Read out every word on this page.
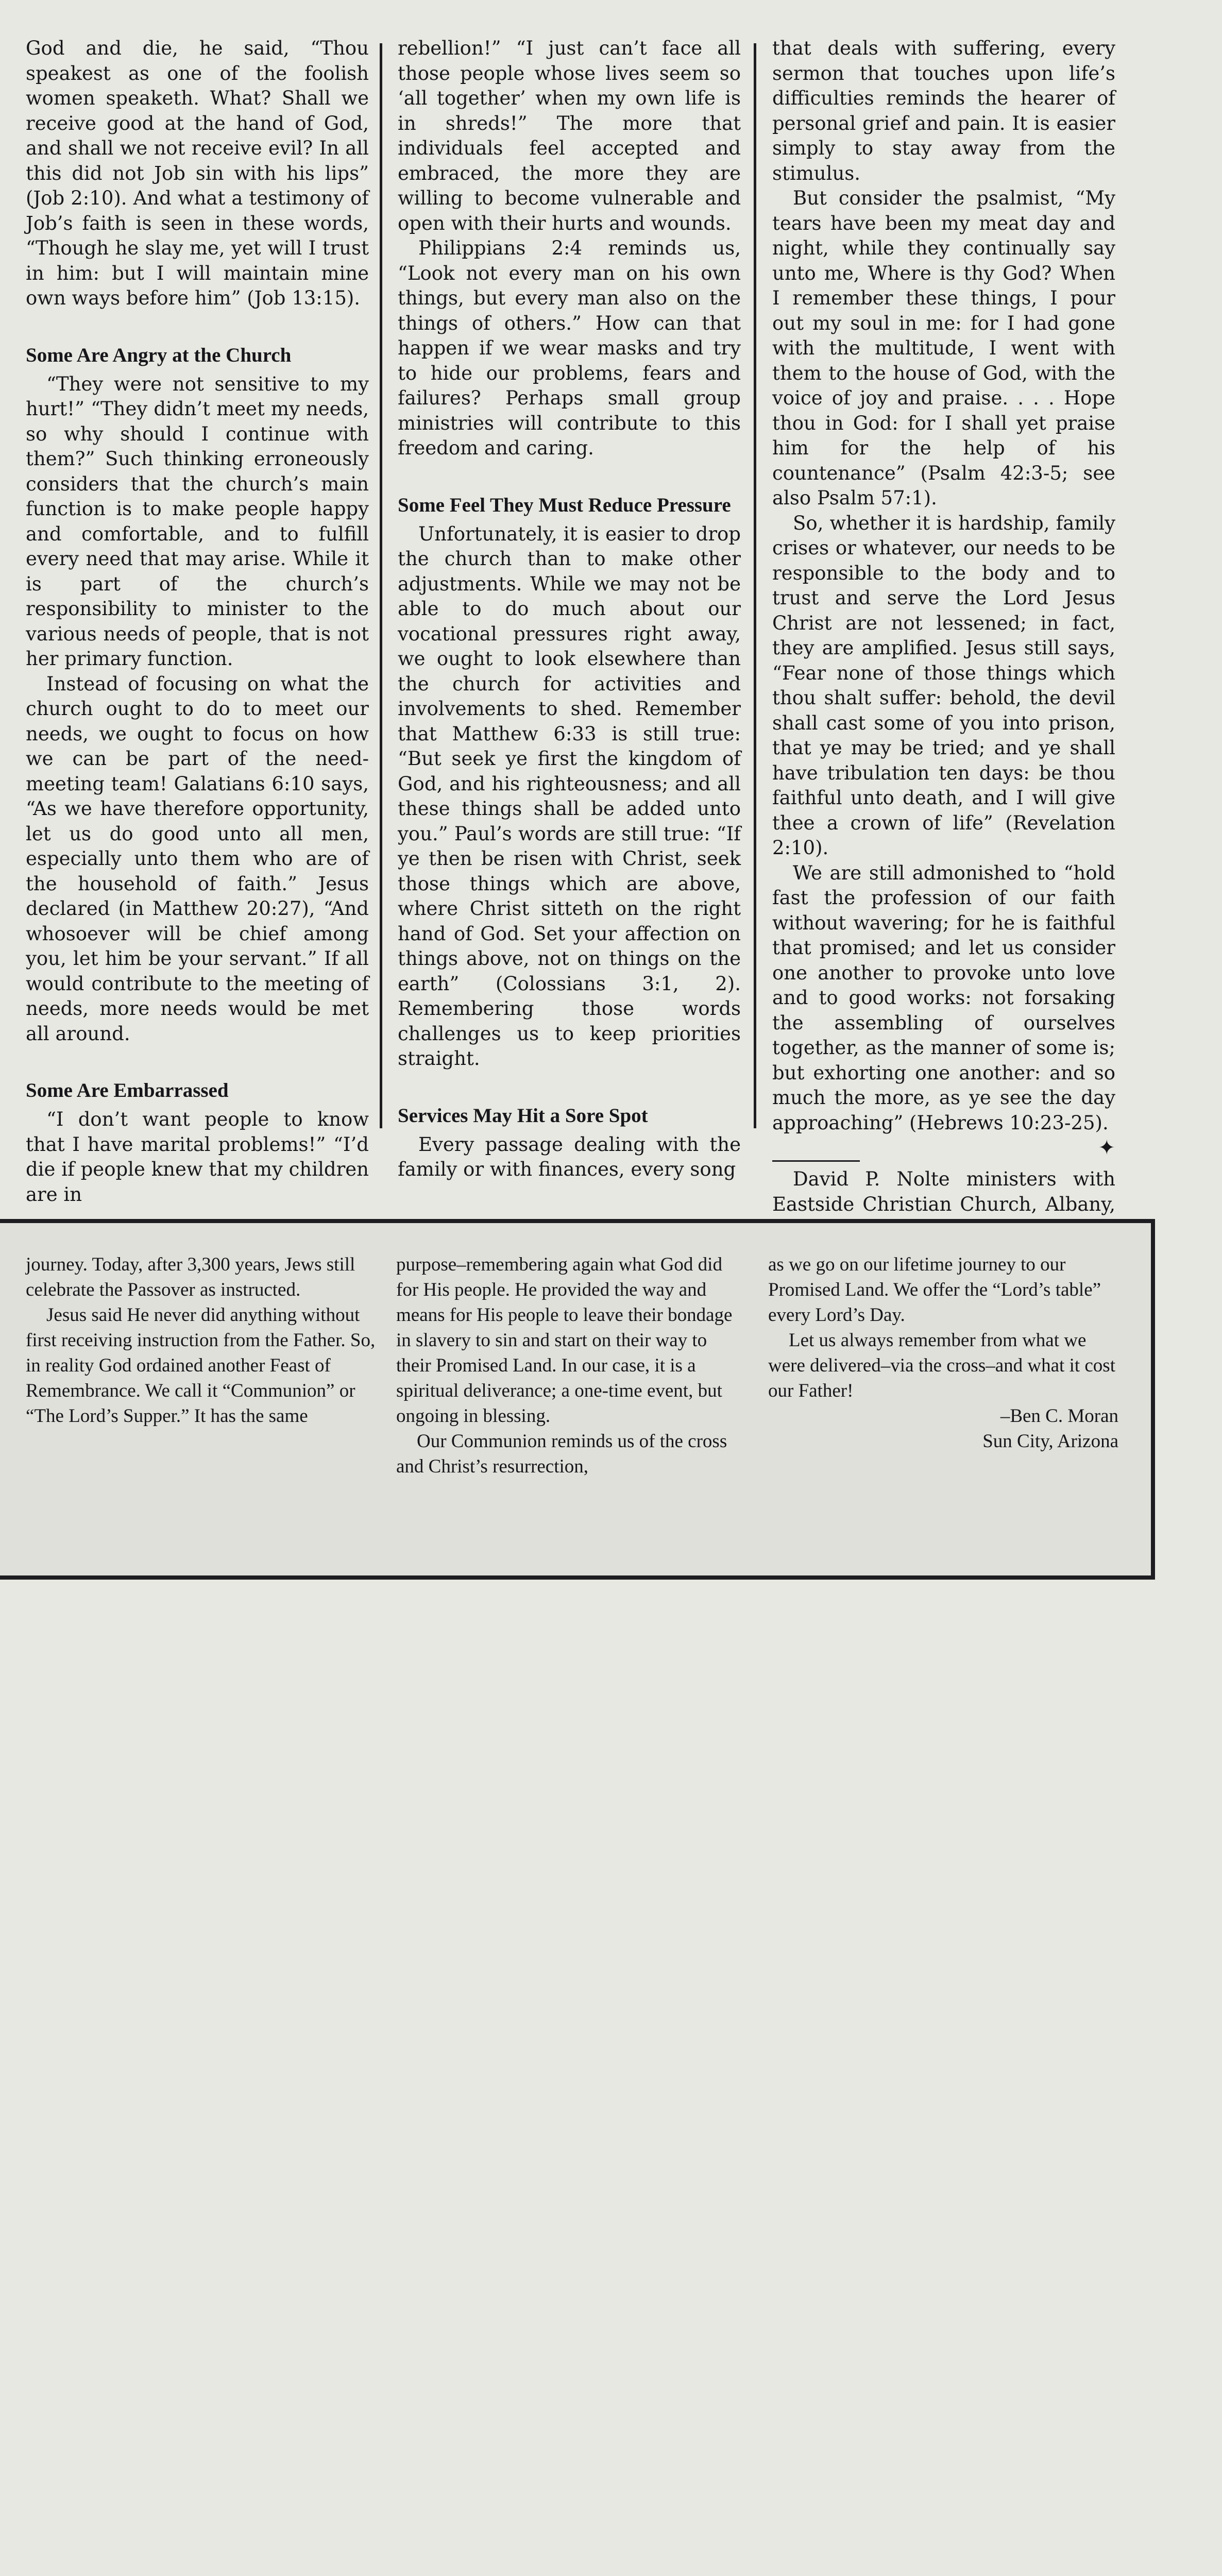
God and die, he said, “Thou speakest as one of the foolish women speaketh. What? Shall we receive good at the hand of God, and shall we not receive evil? In all this did not Job sin with his lips” (Job 2:10). And what a testimony of Job’s faith is seen in these words, “Though he slay me, yet will I trust in him: but I will maintain mine own ways before him” (Job 13:15).

Some Are Angry at the Church

“They were not sensitive to my hurt!” “They didn’t meet my needs, so why should I continue with them?” Such thinking erroneously considers that the church’s main function is to make people happy and comfortable, and to fulfill every need that may arise. While it is part of the church’s responsibility to minister to the various needs of people, that is not her primary function.

Instead of focusing on what the church ought to do to meet our needs, we ought to focus on how we can be part of the need-meeting team! Galatians 6:10 says, “As we have therefore opportunity, let us do good unto all men, especially unto them who are of the household of faith.” Jesus declared (in Matthew 20:27), “And whosoever will be chief among you, let him be your servant.” If all would contribute to the meeting of needs, more needs would be met all around.

Some Are Embarrassed

“I don’t want people to know that I have marital problems!” “I’d die if people knew that my children are in

rebellion!” “I just can’t face all those people whose lives seem so ‘all together’ when my own life is in shreds!” The more that individuals feel accepted and embraced, the more they are willing to become vulnerable and open with their hurts and wounds.

Philippians 2:4 reminds us, “Look not every man on his own things, but every man also on the things of others.” How can that happen if we wear masks and try to hide our problems, fears and failures? Perhaps small group ministries will contribute to this freedom and caring.

Some Feel They Must Reduce Pressure

Unfortunately, it is easier to drop the church than to make other adjustments. While we may not be able to do much about our vocational pressures right away, we ought to look elsewhere than the church for activities and involvements to shed. Remember that Matthew 6:33 is still true: “But seek ye first the kingdom of God, and his righteousness; and all these things shall be added unto you.” Paul’s words are still true: “If ye then be risen with Christ, seek those things which are above, where Christ sitteth on the right hand of God. Set your affection on things above, not on things on the earth” (Colossians 3:1, 2). Remembering those words challenges us to keep priorities straight.

Services May Hit a Sore Spot

Every passage dealing with the family or with finances, every song

that deals with suffering, every sermon that touches upon life’s difficulties reminds the hearer of personal grief and pain. It is easier simply to stay away from the stimulus.

But consider the psalmist, “My tears have been my meat day and night, while they continually say unto me, Where is thy God? When I remember these things, I pour out my soul in me: for I had gone with the multitude, I went with them to the house of God, with the voice of joy and praise. . . . Hope thou in God: for I shall yet praise him for the help of his countenance” (Psalm 42:3-5; see also Psalm 57:1).

So, whether it is hardship, family crises or whatever, our needs to be responsible to the body and to trust and serve the Lord Jesus Christ are not lessened; in fact, they are amplified. Jesus still says, “Fear none of those things which thou shalt suffer: behold, the devil shall cast some of you into prison, that ye may be tried; and ye shall have tribulation ten days: be thou faithful unto death, and I will give thee a crown of life” (Revelation 2:10).

We are still admonished to “hold fast the profession of our faith without wavering; for he is faithful that promised; and let us consider one another to provoke unto love and to good works: not forsaking the assembling of ourselves together, as the manner of some is; but exhorting one another: and so much the more, as ye see the day approaching” (Hebrews 10:23-25).

✦

David P. Nolte ministers with Eastside Christian Church, Albany,

journey. Today, after 3,300 years, Jews still celebrate the Passover as instructed.

Jesus said He never did anything without first receiving instruction from the Father. So, in reality God ordained another Feast of Remembrance. We call it “Communion” or “The Lord’s Supper.” It has the same

purpose–remembering again what God did for His people. He provided the way and means for His people to leave their bondage in slavery to sin and start on their way to their Promised Land. In our case, it is a spiritual deliverance; a one-time event, but ongoing in blessing.

Our Communion reminds us of the cross and Christ’s resurrection,

as we go on our lifetime journey to our Promised Land. We offer the “Lord’s table” every Lord’s Day.

Let us always remember from what we were delivered–via the cross–and what it cost our Father!

–Ben C. Moran

Sun City, Arizona
